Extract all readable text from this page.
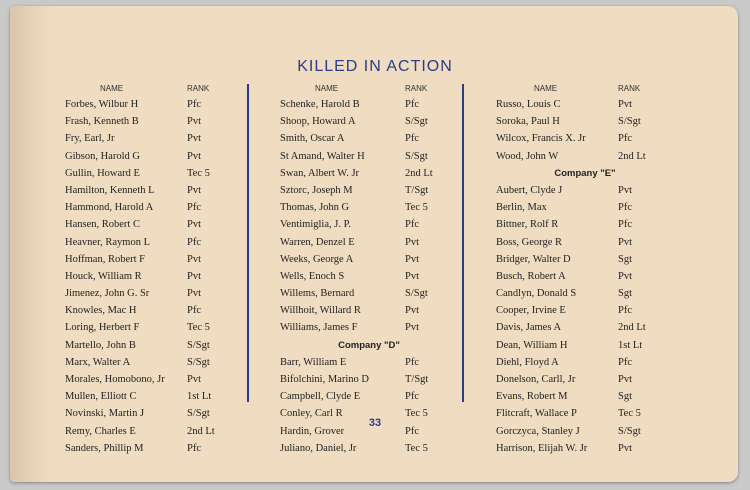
KILLED IN ACTION
NAME	RANK
Forbes, Wilbur H	Pfc
Frash, Kenneth B	Pvt
Fry, Earl, Jr	Pvt
Gibson, Harold G	Pvt
Gullin, Howard E	Tec 5
Hamilton, Kenneth L	Pvt
Hammond, Harold A	Pfc
Hansen, Robert C	Pvt
Heavner, Raymon L	Pfc
Hoffman, Robert F	Pvt
Houck, William R	Pvt
Jimenez, John G. Sr	Pvt
Knowles, Mac H	Pfc
Loring, Herbert F	Tec 5
Martello, John B	S/Sgt
Marx, Walter A	S/Sgt
Morales, Homobono, Jr Pvt
Mullen, Elliott C	1st Lt
Novinski, Martin J	S/Sgt
Remy, Charles E	2nd Lt
Sanders, Phillip M	Pfc
NAME	RANK
Schenke, Harold B	Pfc
Shoop, Howard A	S/Sgt
Smith, Oscar A	Pfc
St Amand, Walter H	S/Sgt
Swan, Albert W. Jr	2nd Lt
Sztorc, Joseph M	T/Sgt
Thomas, John G	Tec 5
Ventimiglia, J. P.	Pfc
Warren, Denzel E	Pvt
Weeks, George A	Pvt
Wells, Enoch S	Pvt
Willems, Bernard	S/Sgt
Willhoit, Willard R	Pvt
Williams, James F	Pvt
Company "D"
Barr, William E	Pfc
Bifolchini, Marino D	T/Sgt
Campbell, Clyde E	Pfc
Conley, Carl R	Tec 5
Hardin, Grover	Pfc
Juliano, Daniel, Jr	Tec 5
NAME	RANK
Russo, Louis C	Pvt
Soroka, Paul H	S/Sgt
Wilcox, Francis X. Jr	Pfc
Wood, John W	2nd Lt
Company "E"
Aubert, Clyde J	Pvt
Berlin, Max	Pfc
Bittner, Rolf R	Pfc
Boss, George R	Pvt
Bridger, Walter D	Sgt
Busch, Robert A	Pvt
Candlyn, Donald S	Sgt
Cooper, Irvine E	Pfc
Davis, James A	2nd Lt
Dean, William H	1st Lt
Diehl, Floyd A	Pfc
Donelson, Carll, Jr	Pvt
Evans, Robert M	Sgt
Flitcraft, Wallace P	Tec 5
Gorczyca, Stanley J	S/Sgt
Harrison, Elijah W. Jr	Pvt
33
